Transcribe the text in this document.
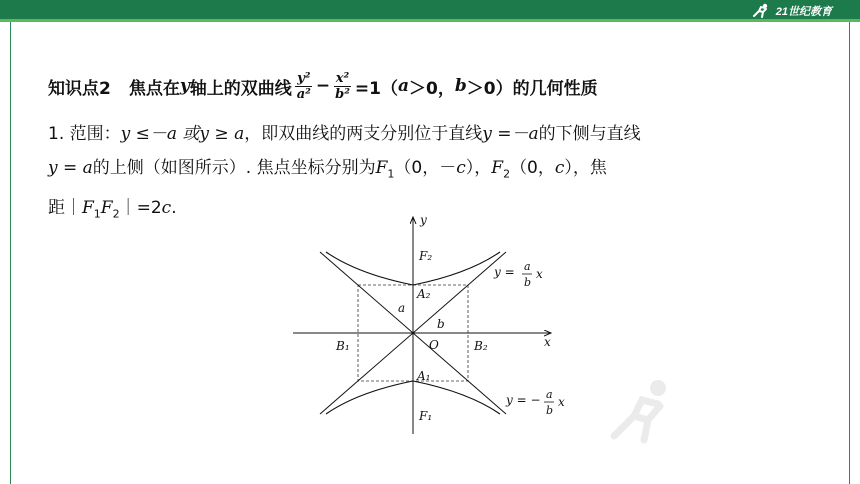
21世纪教育
知识点2 焦点在 y 轴上的双曲线 $\frac{\text{y²}}{\text{a²}} - \frac{\text{x²}}{\text{b²}} =1$（ a ＞0， b ＞0）的几何性质
1. 范围：y ≤－a 或y ≥ a，即双曲线的两支分别位于直线y =－a的下侧与直线
y = a的上侧（如图所示）. 焦点坐标分别为$F_1(0$，－c），$F_2(0$，c），焦
距$|F_1F_2|=2c$.
y
x
O
F₂
F₁
A₂
A₁
B₁	B₂
a
b
y = a
b
x
y = − a
b
x
